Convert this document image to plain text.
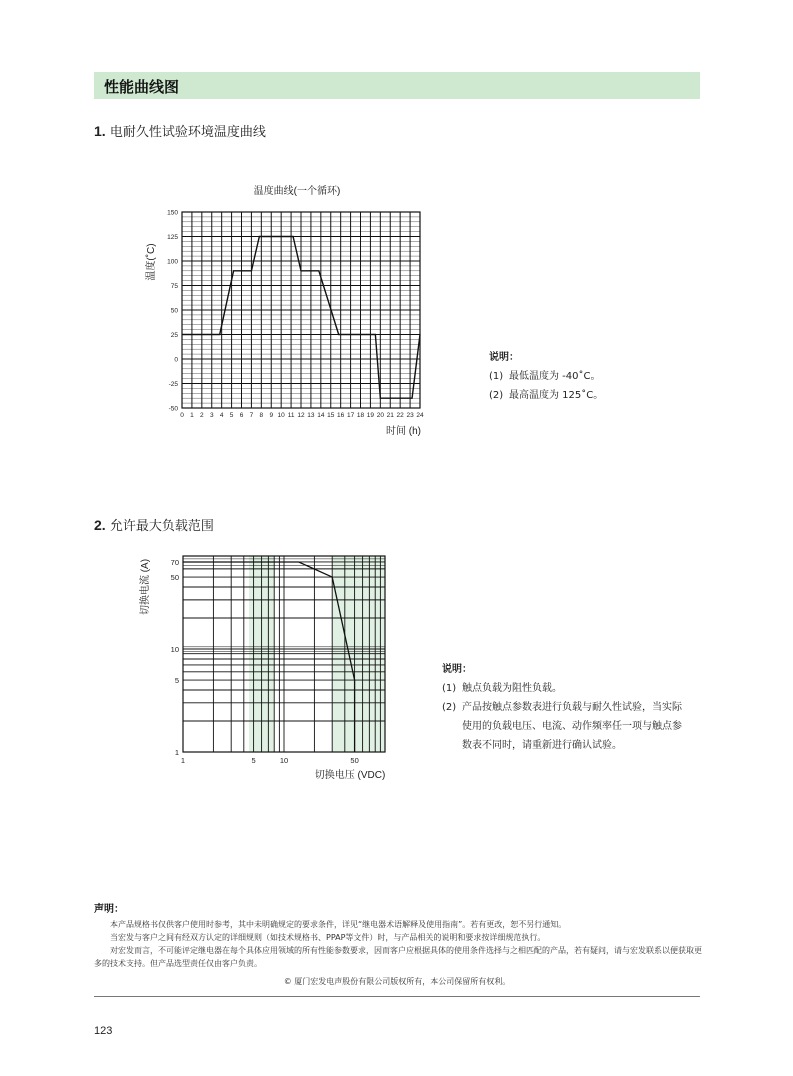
性能曲线图
1. 电耐久性试验环境温度曲线
温度曲线(一个循环)
温度(˚C)
时间 (h)
150
125
100
75
50
25
0
-25
-50
0 1 2 3 4 5 6 7 8 9 10 11 12 13 14 15 16 17 18 19 20 21 22 23 24
说明：
(1) 最低温度为 -40˚C。
(2) 最高温度为 125˚C。
2. 允许最大负载范围
切换电流 (A)
切换电压 (VDC)
70
50
10
5
1
1	5	10	50
说明：
(1) 触点负载为阻性负载。
(2) 产品按触点参数表进行负载与耐久性试验，当实际
使用的负载电压、电流、动作频率任一项与触点参
数表不同时，请重新进行确认试验。
声明：

本产品规格书仅供客户使用时参考，其中未明确规定的要求条件，详见“继电器术语解释及使用指南”。若有更改，恕不另行通知。

当宏发与客户之间有经双方认定的详细规则（如技术规格书、PPAP等文件）时，与产品相关的说明和要求按详细规范执行。

对宏发而言，不可能评定继电器在每个具体应用领域的所有性能参数要求，因而客户应根据具体的使用条件选择与之相匹配的产品，若有疑问，请与宏发联系以便获取更多的技术支持。但产品选型责任仅由客户负责。

© 厦门宏发电声股份有限公司版权所有，本公司保留所有权利。
123
